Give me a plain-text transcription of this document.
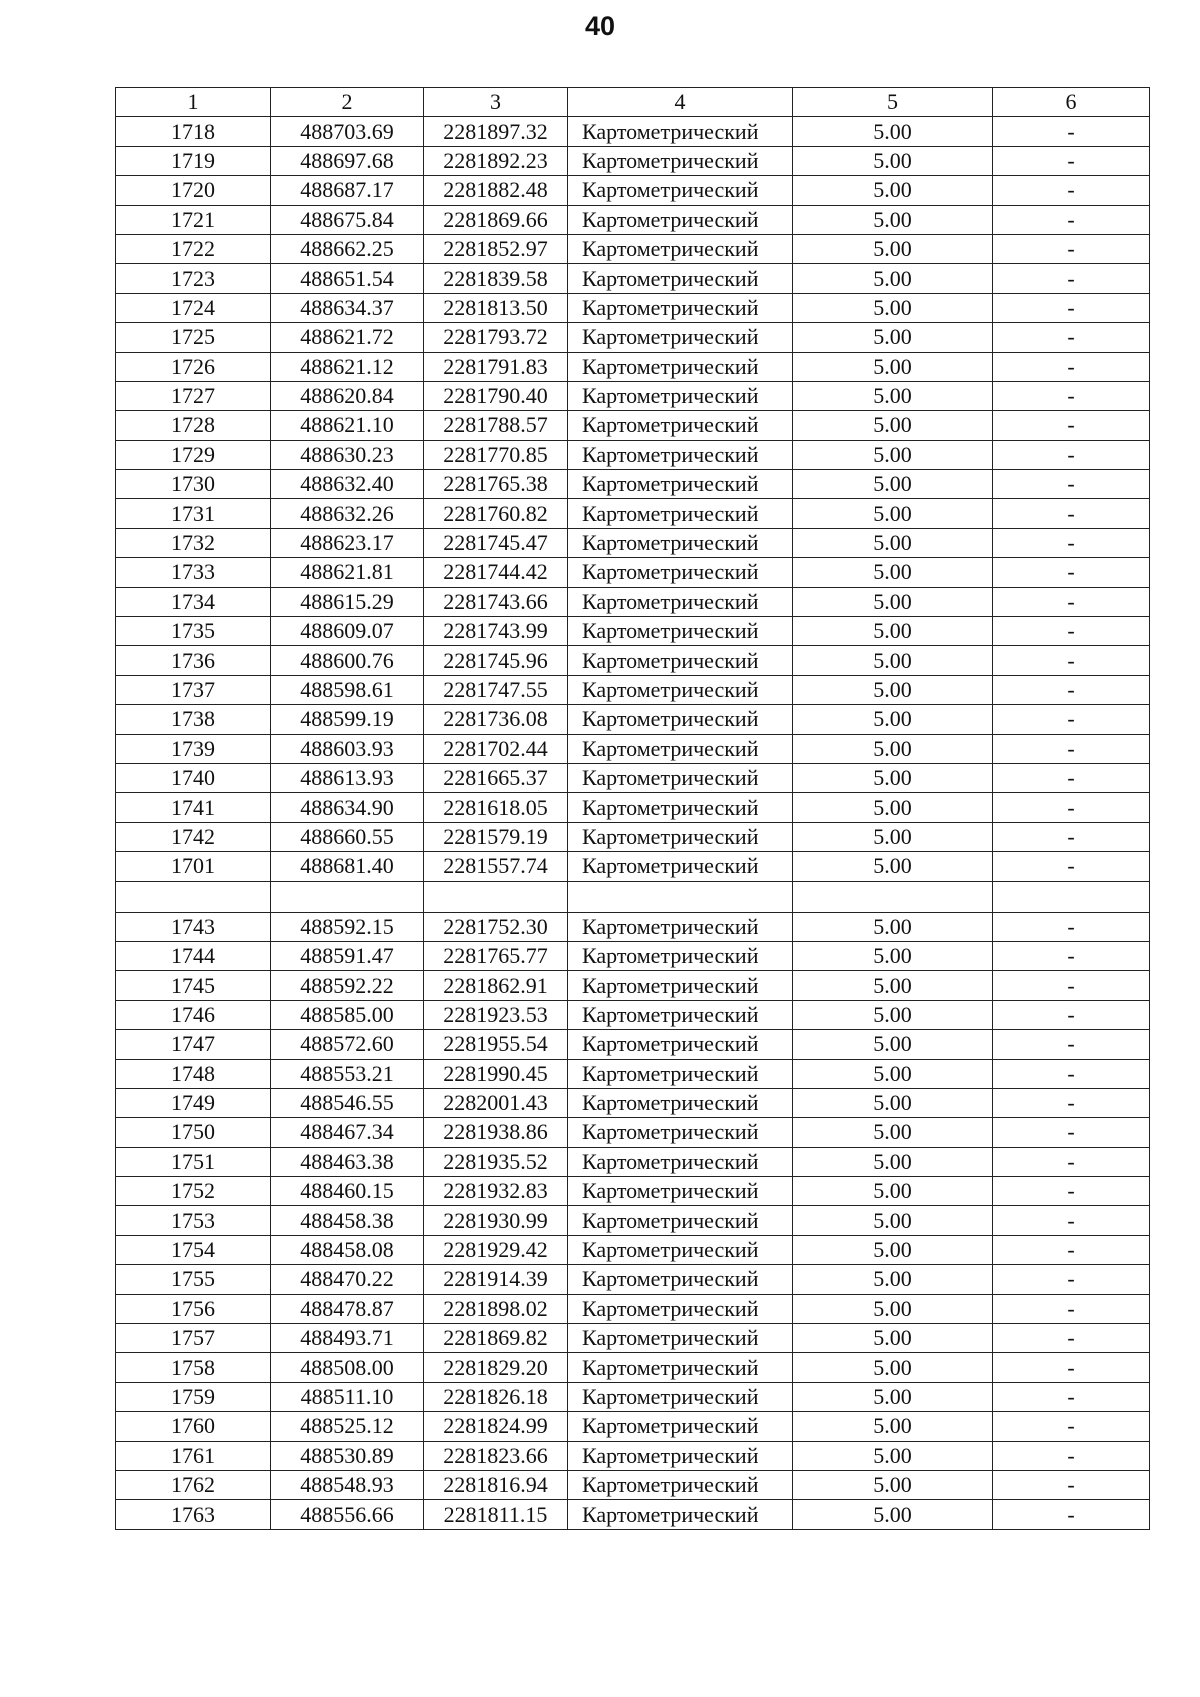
40
1	2	3	4	5	6
1718	488703.69	2281897.32	Картометрический	5.00	-
1719	488697.68	2281892.23	Картометрический	5.00	-
1720	488687.17	2281882.48	Картометрический	5.00	-
1721	488675.84	2281869.66	Картометрический	5.00	-
1722	488662.25	2281852.97	Картометрический	5.00	-
1723	488651.54	2281839.58	Картометрический	5.00	-
1724	488634.37	2281813.50	Картометрический	5.00	-
1725	488621.72	2281793.72	Картометрический	5.00	-
1726	488621.12	2281791.83	Картометрический	5.00	-
1727	488620.84	2281790.40	Картометрический	5.00	-
1728	488621.10	2281788.57	Картометрический	5.00	-
1729	488630.23	2281770.85	Картометрический	5.00	-
1730	488632.40	2281765.38	Картометрический	5.00	-
1731	488632.26	2281760.82	Картометрический	5.00	-
1732	488623.17	2281745.47	Картометрический	5.00	-
1733	488621.81	2281744.42	Картометрический	5.00	-
1734	488615.29	2281743.66	Картометрический	5.00	-
1735	488609.07	2281743.99	Картометрический	5.00	-
1736	488600.76	2281745.96	Картометрический	5.00	-
1737	488598.61	2281747.55	Картометрический	5.00	-
1738	488599.19	2281736.08	Картометрический	5.00	-
1739	488603.93	2281702.44	Картометрический	5.00	-
1740	488613.93	2281665.37	Картометрический	5.00	-
1741	488634.90	2281618.05	Картометрический	5.00	-
1742	488660.55	2281579.19	Картометрический	5.00	-
1701	488681.40	2281557.74	Картометрический	5.00	-

1743	488592.15	2281752.30	Картометрический	5.00	-
1744	488591.47	2281765.77	Картометрический	5.00	-
1745	488592.22	2281862.91	Картометрический	5.00	-
1746	488585.00	2281923.53	Картометрический	5.00	-
1747	488572.60	2281955.54	Картометрический	5.00	-
1748	488553.21	2281990.45	Картометрический	5.00	-
1749	488546.55	2282001.43	Картометрический	5.00	-
1750	488467.34	2281938.86	Картометрический	5.00	-
1751	488463.38	2281935.52	Картометрический	5.00	-
1752	488460.15	2281932.83	Картометрический	5.00	-
1753	488458.38	2281930.99	Картометрический	5.00	-
1754	488458.08	2281929.42	Картометрический	5.00	-
1755	488470.22	2281914.39	Картометрический	5.00	-
1756	488478.87	2281898.02	Картометрический	5.00	-
1757	488493.71	2281869.82	Картометрический	5.00	-
1758	488508.00	2281829.20	Картометрический	5.00	-
1759	488511.10	2281826.18	Картометрический	5.00	-
1760	488525.12	2281824.99	Картометрический	5.00	-
1761	488530.89	2281823.66	Картометрический	5.00	-
1762	488548.93	2281816.94	Картометрический	5.00	-
1763	488556.66	2281811.15	Картометрический	5.00	-
